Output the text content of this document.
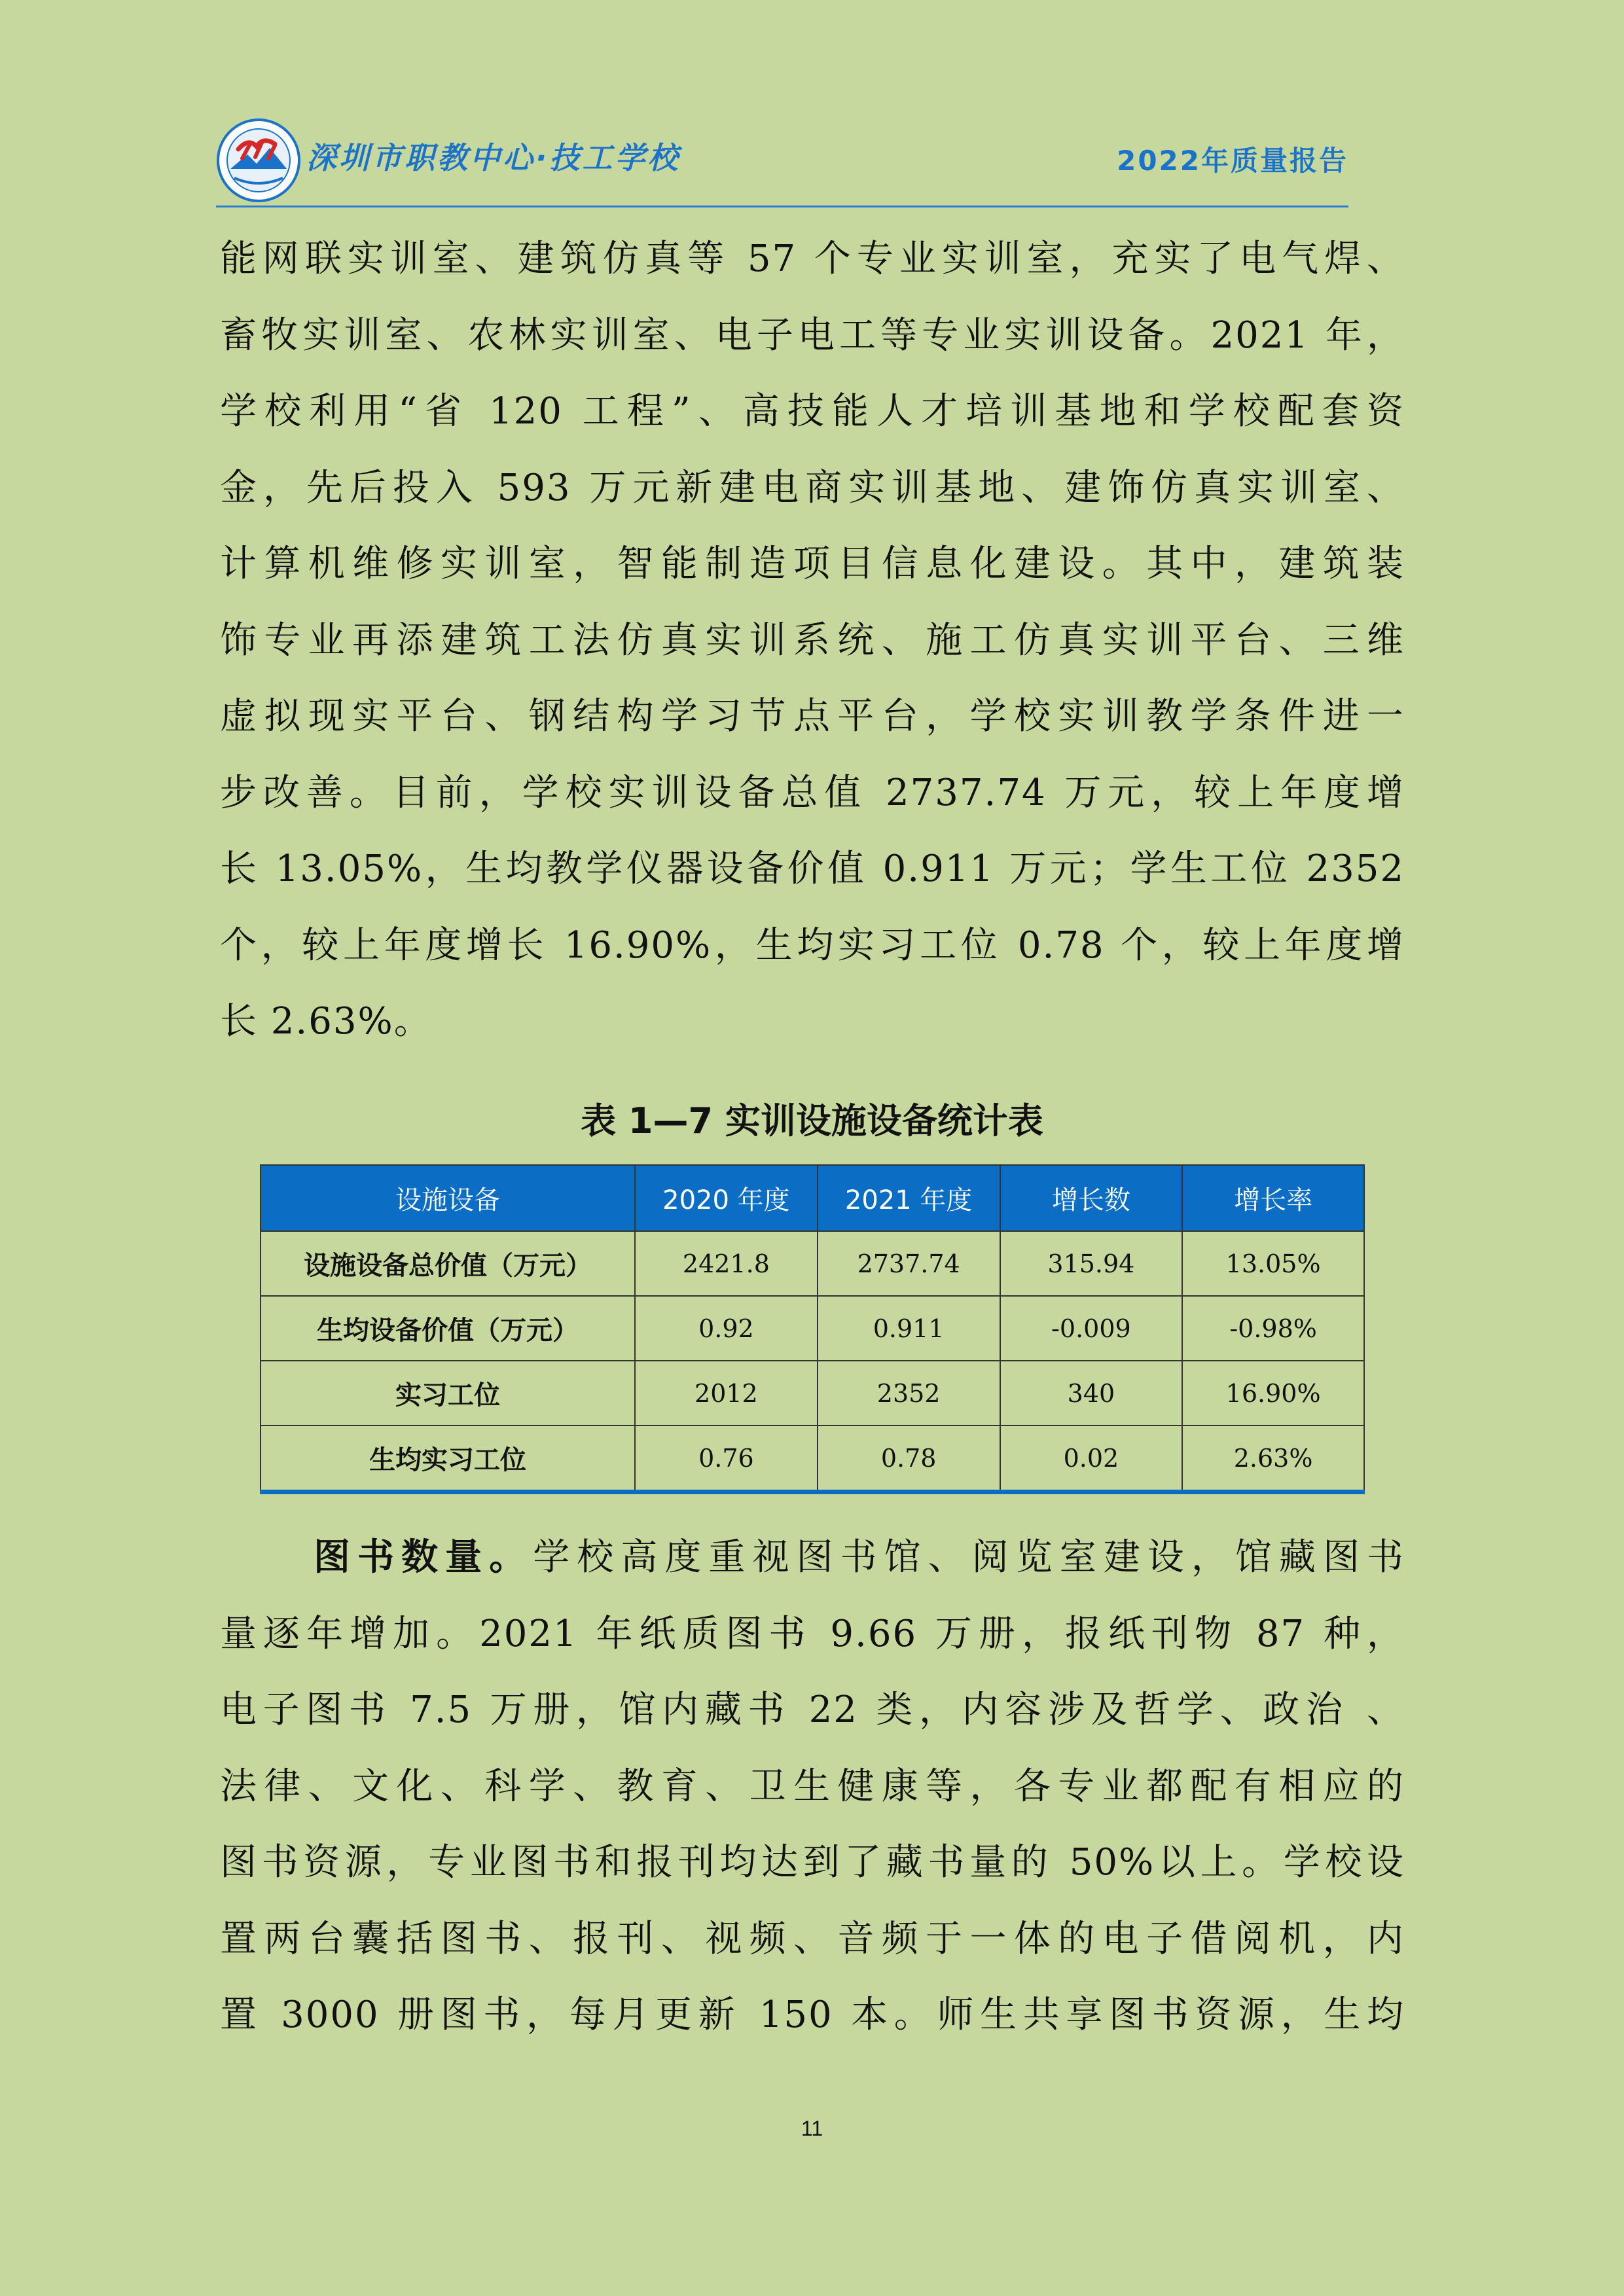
深圳市职教中心·技工学校	2022年质量报告
能网联实训室、建筑仿真等 57 个专业实训室，充实了电气焊、
畜牧实训室、农林实训室、电子电工等专业实训设备。2021 年，
学校利用“省 120 工程”、高技能人才培训基地和学校配套资
金，先后投入 593 万元新建电商实训基地、建饰仿真实训室、
计算机维修实训室，智能制造项目信息化建设。其中，建筑装
饰专业再添建筑工法仿真实训系统、施工仿真实训平台、三维
虚拟现实平台、钢结构学习节点平台，学校实训教学条件进一
步改善。目前，学校实训设备总值 2737.74 万元，较上年度增
长 13.05%，生均教学仪器设备价值 0.911 万元；学生工位 2352
个，较上年度增长 16.90%，生均实习工位 0.78 个，较上年度增
长 2.63%。
表 1—7 实训设施设备统计表
设施设备	2020 年度	2021 年度	增长数	增长率
设施设备总价值（万元）	2421.8	2737.74	315.94	13.05%
生均设备价值（万元）	0.92	0.911	-0.009	-0.98%
实习工位	2012	2352	340	16.90%
生均实习工位	0.76	0.78	0.02	2.63%
图书数量。学校高度重视图书馆、阅览室建设，馆藏图书
量逐年增加。2021 年纸质图书 9.66 万册，报纸刊物 87 种，
电子图书 7.5 万册，馆内藏书 22 类，内容涉及哲学、政治 、
法律、文化、科学、教育、卫生健康等，各专业都配有相应的
图书资源，专业图书和报刊均达到了藏书量的 50%以上。学校设
置两台囊括图书、报刊、视频、音频于一体的电子借阅机，内
置 3000 册图书，每月更新 150 本。师生共享图书资源，生均
11
